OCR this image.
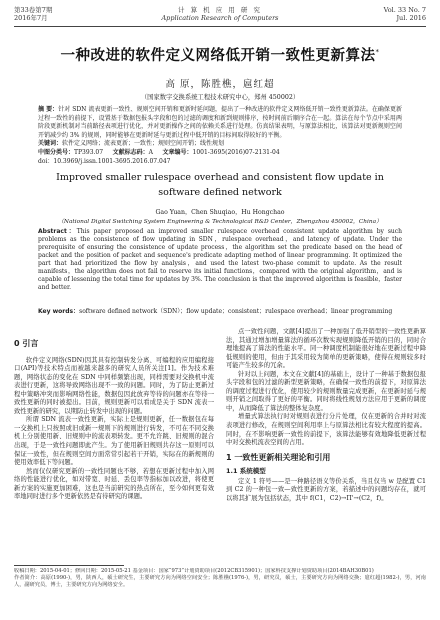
第33卷第7期
2016年7月
计 算 机 应 用 研 究
Application Research of Computers
Vol. 33 No. 7
Jul. 2016
一种改进的软件定义网络低开销一致性更新算法*
高 原，陈胜樵，扈红超
（国家数字交换系统工程技术研究中心，郑州 450002）
摘 要：针对 SDN 流表更新一致性、规则空间开销和更新时延问题，提出了一种改进的软件定义网络低开销一致性更新算法。在确保更新过程一致性的前提下，设置基于数据包报头字段和包的过滤的调度和新到规则排序，按时间前后顺序合在一起。算法在每个节点中采用两阶段更新机制对当前路径表项进行优化，并对更新操作之间的依赖关系进行处理。仿真结果表明，与原算法相比，该算法对更新规则空间开销减少约 3% 的规则，同时能够在更新时延与更新过程中低开销的目标间取得较好的平衡。
关键词：软件定义网络；流表更新；一致性；规则空间开销；线性规划
中图分类号：TP393.07 文献标志码：A 文章编号：1001-3695(2016)07-2131-04
doi：10.3969/j.issn.1001-3695.2016.07.047
Improved smaller rulespace overhead and consistent flow update in software defined network
Gao Yuan，Chen Shuqiao，Hu Hongchao
（National Digital Switching System Engineering & Technological R&D Center，Zhengzhou 450002，China）
Abstract：This paper proposed an improved smaller rulespace overhead consistent update algorithm by such problems as the consistence of flow updating in SDN，rulespace overhead，and latency of update. Under the prerequisite of ensuring the consistence of update process，the algorithm set the predicate based on the head of packet and the position of packet and sequence's predicate adapting method of linear programming. It optimized the part that had prioritized the flow by analysis，and used the latest two-phase commit to update. As the result manifests，the algorithm does not fail to reserve its initial functions，compared with the original algorithm，and is capable of lessening the total time for updates by 3%. The conclusion is that the improved algorithm is feasible，faster and better.
Key words：software defined network（SDN）；flow update；consistent；rulespace overhead；linear programming
0 引言

软件定义网络(SDN)因其具有控制转发分离、可编程的应用编程接口(API)等技术特点而被越来越多的研究人员所关注[1]。作为技术难题，网络状态的变化在 SDN 中同样频繁出现，同样需要对交换机中流表进行更新，这将导致网络出现不一致的问题。同时，为了防止更新过程中策略冲突而影响网络性能，数据包因此放弃等待的问题亦在等待一致性更新的同时被提出。目前，规则更新可以看成是关于 SDN 流表一致性更新的研究，以期防止转发中出现的问题。

所谓 SDN 流表一致性更新，实际上是规则更新，任一数据包在每一交换机上只按照或旧或新一规则下的规则进行转发，不可在不同交换机上分别使用新、旧规则中的流表项转发。更不允许跳、旧规则的混合出现，于是一致性问题即此产生。为了使用新旧规则共存这一原则可以保证一致性，但在规则空间方面常常引起若干开销，实际在的新规则的使用效率低下等问题。

然而仅仅研究更新的一致性同题也不够，若想在更新过程中加入网络的性能进行优化，如对带宽、时延、丢包率等指标加以改进，将使更新方案的实施更加困难，这也是当前研究的热点所在，至今如何更有效率地同时进行多个更新依然是有待研究的课题。

点一致性问题，文献[4]提出了一种加强了低开销型的一致性更新算法，其通过增加增量算法的循环次数实现规则降低开销的目的，同时合理地提高了算法的性能水平。同一种调度机制能很好地在更新过程中降低规则的使用，但由于其采用较为简单的更新策略，使得在规则较多时可能产生较多的冗余。

针对以上问题，本文在文献[4]的基础上，设计了一种基于数据包报头字段和包的过滤的新型更新策略，在确保一致性的前提下，对原算法的调度过程进行优化，使用较少的规则数量完成更新，在更新时延与规则开销之间取得了更好的平衡。同时将线性规划方法应用于更新的调度中，从而降低了算法的整体复杂度。

增量式算法执行时对规则表进行分片处理，仅在更新的合并时对流表项进行修改，在规则空间利用率上与原算法相比有较大程度的提高。同时，在不影响更新一致性的前提下，该算法能够有效地降低更新过程中对交换机流表空间的占用。

1 一致性更新相关理论和引用
1.1 系统模型

定义 1 符号——是一种路径语义等价关系，当且仅当 w 是配置 C1 到 C2 的一种包一致—致性更新的方案，若描述中的问题均存在，就可以将其扩展为包括状态，其中 f(C1，C2)→Π'→(C2，f)。

收稿日期：2015-04-01；修回日期：2015-05-21 基金项目：国家“973”计划资助项目(2012CB315901)；国家科技支撑计划资助项目(2014BAH30B01)
作者简介：高原(1990-)，男，陕西人，硕士研究生，主要研究方向为网络空间安全；陈胜樵(1976-)，男，研究员，硕士，主要研究方向为网络交换；扈红超(1982-)，男，河南人，副研究员，博士，主要研究方向为网络安全。
